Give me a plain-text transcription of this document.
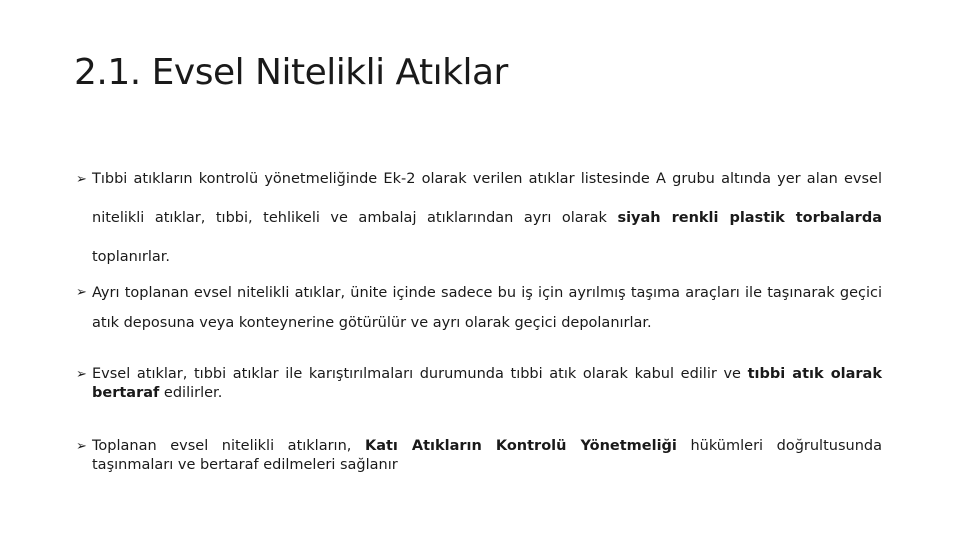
2.1. Evsel Nitelikli Atıklar
➢ Tıbbi atıkların kontrolü yönetmeliğinde Ek-2 olarak verilen atıklar listesinde A grubu altında yer alan evsel nitelikli atıklar, tıbbi, tehlikeli ve ambalaj atıklarından ayrı olarak siyah renkli plastik torbalarda toplanırlar.
➢ Ayrı toplanan evsel nitelikli atıklar, ünite içinde sadece bu iş için ayrılmış taşıma araçları ile taşınarak geçici atık deposuna veya konteynerine götürülür ve ayrı olarak geçici depolanırlar.
➢ Evsel atıklar, tıbbi atıklar ile karıştırılmaları durumunda tıbbi atık olarak kabul edilir ve tıbbi atık olarak bertaraf edilirler.
➢ Toplanan evsel nitelikli atıkların, Katı Atıkların Kontrolü Yönetmeliği hükümleri doğrultusunda taşınmaları ve bertaraf edilmeleri sağlanır
